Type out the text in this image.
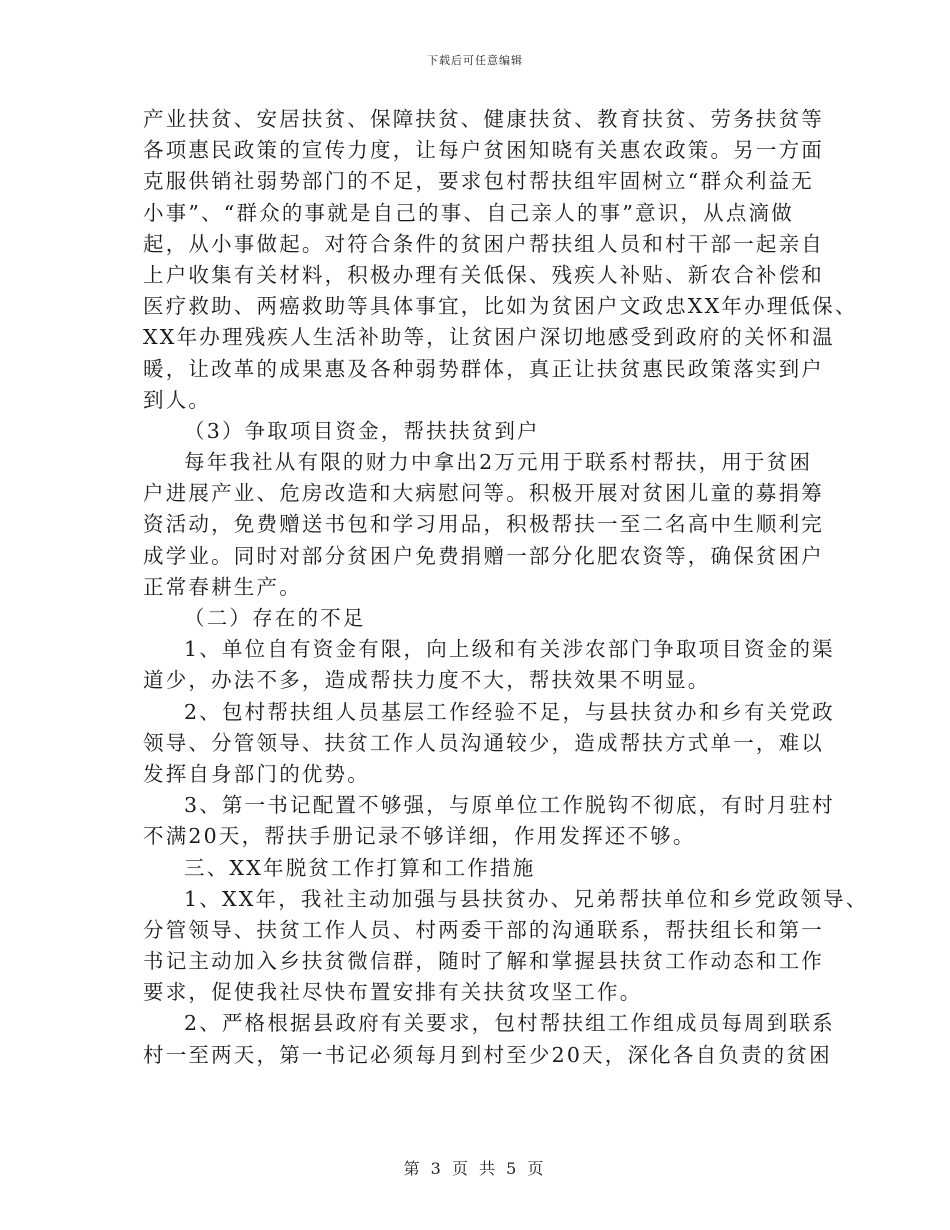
下载后可任意编辑
产业扶贫、安居扶贫、保障扶贫、健康扶贫、教育扶贫、劳务扶贫等
各项惠民政策的宣传力度，让每户贫困知晓有关惠农政策。另一方面
克服供销社弱势部门的不足，要求包村帮扶组牢固树立“群众利益无
小事”、“群众的事就是自己的事、自己亲人的事”意识，从点滴做
起，从小事做起。对符合条件的贫困户帮扶组人员和村干部一起亲自
上户收集有关材料，积极办理有关低保、残疾人补贴、新农合补偿和
医疗救助、两癌救助等具体事宜，比如为贫困户文政忠XX年办理低保、
XX年办理残疾人生活补助等，让贫困户深切地感受到政府的关怀和温
暖，让改革的成果惠及各种弱势群体，真正让扶贫惠民政策落实到户
到人。
（3）争取项目资金，帮扶扶贫到户
每年我社从有限的财力中拿出2万元用于联系村帮扶，用于贫困
户进展产业、危房改造和大病慰问等。积极开展对贫困儿童的募捐筹
资活动，免费赠送书包和学习用品，积极帮扶一至二名高中生顺利完
成学业。同时对部分贫困户免费捐赠一部分化肥农资等，确保贫困户
正常春耕生产。
（二）存在的不足
1、单位自有资金有限，向上级和有关涉农部门争取项目资金的渠
道少，办法不多，造成帮扶力度不大，帮扶效果不明显。
2、包村帮扶组人员基层工作经验不足，与县扶贫办和乡有关党政
领导、分管领导、扶贫工作人员沟通较少，造成帮扶方式单一，难以
发挥自身部门的优势。
3、第一书记配置不够强，与原单位工作脱钩不彻底，有时月驻村
不满20天，帮扶手册记录不够详细，作用发挥还不够。
三、XX年脱贫工作打算和工作措施
1、XX年，我社主动加强与县扶贫办、兄弟帮扶单位和乡党政领导、
分管领导、扶贫工作人员、村两委干部的沟通联系，帮扶组长和第一
书记主动加入乡扶贫微信群，随时了解和掌握县扶贫工作动态和工作
要求，促使我社尽快布置安排有关扶贫攻坚工作。
2、严格根据县政府有关要求，包村帮扶组工作组成员每周到联系
村一至两天，第一书记必须每月到村至少20天，深化各自负责的贫困
第 3 页 共 5 页
